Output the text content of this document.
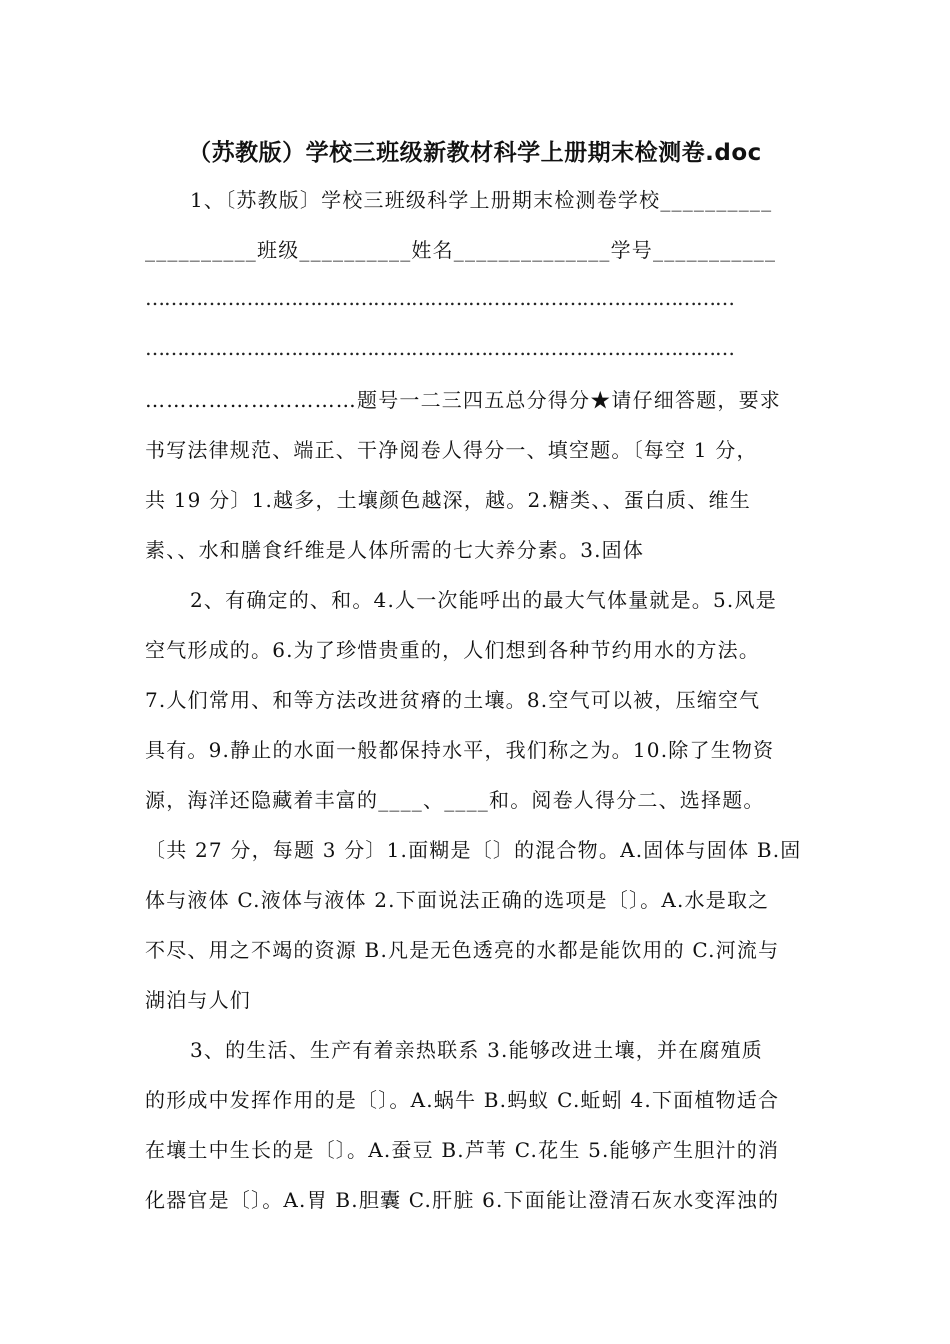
（苏教版）学校三班级新教材科学上册期末检测卷.doc
1、〔苏教版〕学校三班级科学上册期末检测卷学校__________
__________班级__________姓名______________学号___________
…………………………………………………………………………………
…………………………………………………………………………………
…………………………题号一二三四五总分得分★请仔细答题，要求
书写法律规范、端正、干净阅卷人得分一、填空题。〔每空 1 分，
共 19 分〕1.越多，土壤颜色越深，越。2.糖类、、蛋白质、维生
素、、水和膳食纤维是人体所需的七大养分素。3.固体
2、有确定的、和。4.人一次能呼出的最大气体量就是。5.风是
空气形成的。6.为了珍惜贵重的，人们想到各种节约用水的方法。
7.人们常用、和等方法改进贫瘠的土壤。8.空气可以被，压缩空气
具有。9.静止的水面一般都保持水平，我们称之为。10.除了生物资
源，海洋还隐藏着丰富的____、____和。阅卷人得分二、选择题。
〔共 27 分，每题 3 分〕1.面糊是〔〕的混合物。A.固体与固体 B.固
体与液体 C.液体与液体 2.下面说法正确的选项是〔〕。A.水是取之
不尽、用之不竭的资源 B.凡是无色透亮的水都是能饮用的 C.河流与
湖泊与人们
3、的生活、生产有着亲热联系 3.能够改进土壤，并在腐殖质
的形成中发挥作用的是〔〕。A.蜗牛 B.蚂蚁 C.蚯蚓 4.下面植物适合
在壤土中生长的是〔〕。A.蚕豆 B.芦苇 C.花生 5.能够产生胆汁的消
化器官是〔〕。A.胃 B.胆囊 C.肝脏 6.下面能让澄清石灰水变浑浊的
